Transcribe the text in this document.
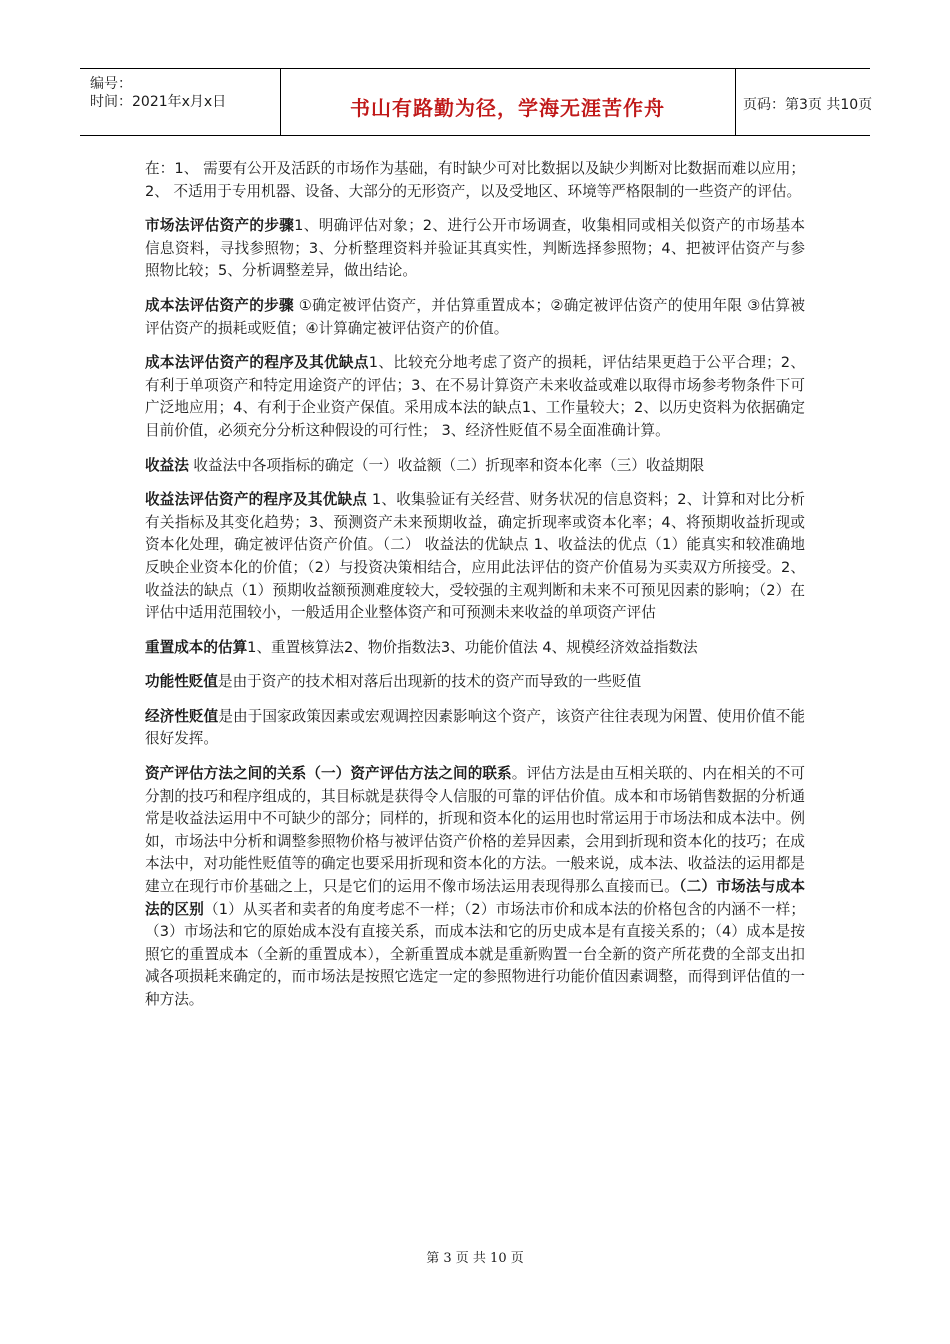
编号：
时间：2021年x月x日	书山有路勤为径，学海无涯苦作舟	页码：第3页 共10页

在：1、 需要有公开及活跃的市场作为基础，有时缺少可对比数据以及缺少判断对比数据而难以应用；2、 不适用于专用机器、设备、大部分的无形资产，以及受地区、环境等严格限制的一些资产的评估。

市场法评估资产的步骤1、明确评估对象；2、进行公开市场调查，收集相同或相关似资产的市场基本信息资料，寻找参照物；3、分析整理资料并验证其真实性，判断选择参照物；4、把被评估资产与参照物比较；5、分析调整差异，做出结论。

成本法评估资产的步骤 ①确定被评估资产，并估算重置成本；②确定被评估资产的使用年限 ③估算被评估资产的损耗或贬值；④计算确定被评估资产的价值。

成本法评估资产的程序及其优缺点1、比较充分地考虑了资产的损耗，评估结果更趋于公平合理；2、有利于单项资产和特定用途资产的评估；3、在不易计算资产未来收益或难以取得市场参考物条件下可广泛地应用；4、有利于企业资产保值。采用成本法的缺点1、工作量较大；2、以历史资料为依据确定目前价值，必须充分分析这种假设的可行性； 3、经济性贬值不易全面准确计算。

收益法 收益法中各项指标的确定（一）收益额（二）折现率和资本化率（三）收益期限

收益法评估资产的程序及其优缺点 1、收集验证有关经营、财务状况的信息资料；2、计算和对比分析有关指标及其变化趋势；3、预测资产未来预期收益，确定折现率或资本化率；4、将预期收益折现或资本化处理，确定被评估资产价值。（二） 收益法的优缺点 1、收益法的优点（1）能真实和较准确地反映企业资本化的价值；（2）与投资决策相结合，应用此法评估的资产价值易为买卖双方所接受。2、收益法的缺点（1）预期收益额预测难度较大，受较强的主观判断和未来不可预见因素的影响；（2）在评估中适用范围较小，一般适用企业整体资产和可预测未来收益的单项资产评估

重置成本的估算1、重置核算法2、物价指数法3、功能价值法 4、规模经济效益指数法

功能性贬值是由于资产的技术相对落后出现新的技术的资产而导致的一些贬值

经济性贬值是由于国家政策因素或宏观调控因素影响这个资产，该资产往往表现为闲置、使用价值不能很好发挥。

资产评估方法之间的关系（一）资产评估方法之间的联系。评估方法是由互相关联的、内在相关的不可分割的技巧和程序组成的，其目标就是获得令人信服的可靠的评估价值。成本和市场销售数据的分析通常是收益法运用中不可缺少的部分；同样的，折现和资本化的运用也时常运用于市场法和成本法中。例如，市场法中分析和调整参照物价格与被评估资产价格的差异因素，会用到折现和资本化的技巧；在成本法中，对功能性贬值等的确定也要采用折现和资本化的方法。一般来说，成本法、收益法的运用都是建立在现行市价基础之上，只是它们的运用不像市场法运用表现得那么直接而已。（二）市场法与成本法的区别（1）从买者和卖者的角度考虑不一样；（2）市场法市价和成本法的价格包含的内涵不一样；（3）市场法和它的原始成本没有直接关系，而成本法和它的历史成本是有直接关系的；（4）成本是按照它的重置成本（全新的重置成本），全新重置成本就是重新购置一台全新的资产所花费的全部支出扣减各项损耗来确定的，而市场法是按照它选定一定的参照物进行功能价值因素调整，而得到评估值的一种方法。

第 3 页 共 10 页
